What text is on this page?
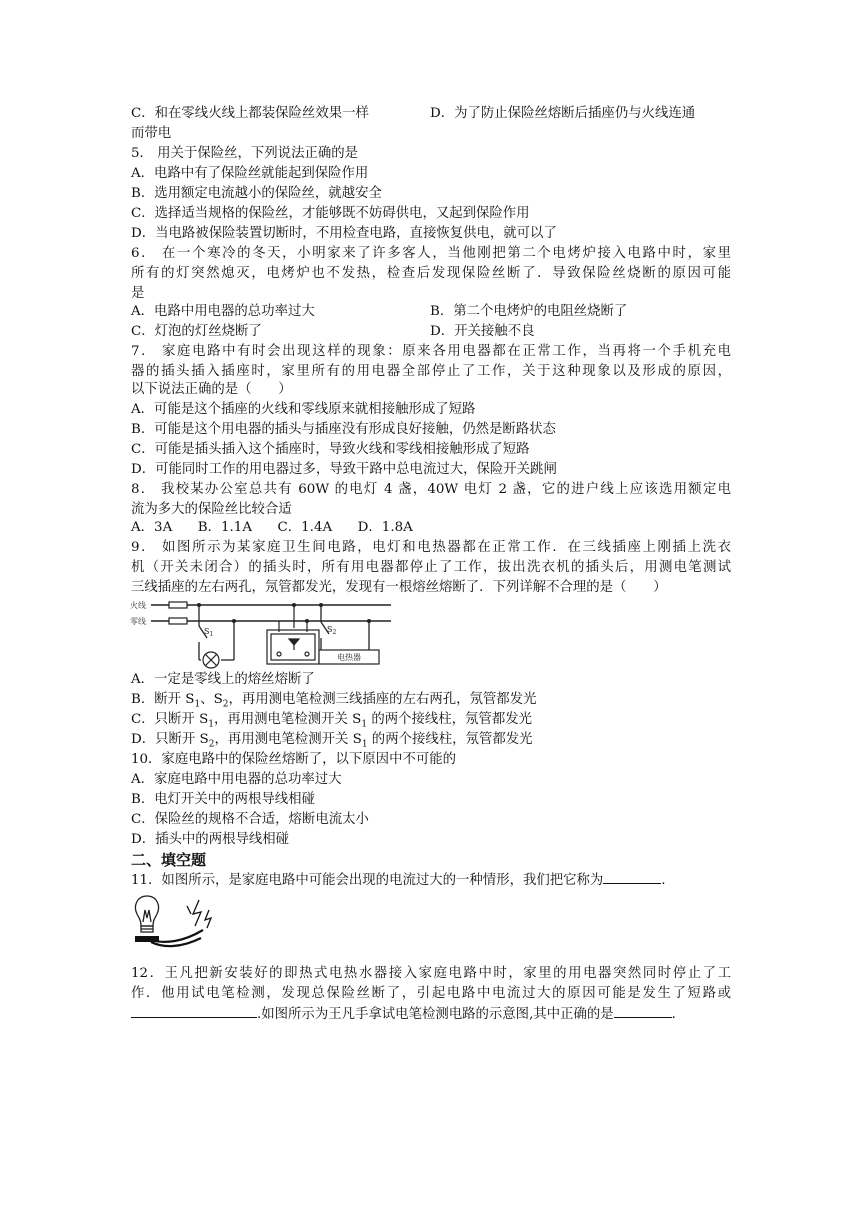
C．和在零线火线上都装保险丝效果一样	D．为了防止保险丝熔断后插座仍与火线连通
而带电
5． 用关于保险丝，下列说法正确的是
A．电路中有了保险丝就能起到保险作用
B．选用额定电流越小的保险丝，就越安全
C．选择适当规格的保险丝，才能够既不妨碍供电，又起到保险作用
D．当电路被保险装置切断时，不用检查电路，直接恢复供电，就可以了
6． 在一个寒冷的冬天，小明家来了许多客人，当他刚把第二个电烤炉接入电路中时，家里
所有的灯突然熄灭，电烤炉也不发热，检查后发现保险丝断了．导致保险丝烧断的原因可能
是
A．电路中用电器的总功率过大	B．第二个电烤炉的电阻丝烧断了
C．灯泡的灯丝烧断了	D．开关接触不良
7． 家庭电路中有时会出现这样的现象：原来各用电器都在正常工作，当再将一个手机充电
器的插头插入插座时，家里所有的用电器全部停止了工作，关于这种现象以及形成的原因，
以下说法正确的是（　　）
A．可能是这个插座的火线和零线原来就相接触形成了短路
B．可能是这个用电器的插头与插座没有形成良好接触，仍然是断路状态
C．可能是插头插入这个插座时，导致火线和零线相接触形成了短路
D．可能同时工作的用电器过多，导致干路中总电流过大，保险开关跳闸
8． 我校某办公室总共有 60W 的电灯 4 盏，40W 电灯 2 盏，它的进户线上应该选用额定电
流为多大的保险丝比较合适
A．3A      B．1.1A      C．1.4A      D．1.8A
9． 如图所示为某家庭卫生间电路，电灯和电热器都在正常工作．在三线插座上刚插上洗衣
机（开关未闭合）的插头时，所有用电器都停止了工作，拔出洗衣机的插头后，用测电笔测试
三线插座的左右两孔，氖管都发光，发现有一根熔丝熔断了．下列详解不合理的是（　　）
火线
零线
$S_1$
$S_2$
电热器
A．一定是零线上的熔丝熔断了
B．断开 $S_1$、$S_2$，再用测电笔检测三线插座的左右两孔，氖管都发光
C．只断开 $S_1$，再用测电笔检测开关 $S_1$ 的两个接线柱，氖管都发光
D．只断开 $S_2$，再用测电笔检测开关 $S_1$ 的两个接线柱，氖管都发光
10．家庭电路中的保险丝熔断了，以下原因中不可能的
A．家庭电路中用电器的总功率过大
B．电灯开关中的两根导线相碰
C．保险丝的规格不合适，熔断电流太小
D．插头中的两根导线相碰
二、填空题
11．如图所示，是家庭电路中可能会出现的电流过大的一种情形，我们把它称为	．
12．王凡把新安装好的即热式电热水器接入家庭电路中时，家里的用电器突然同时停止了工
作．他用试电笔检测，发现总保险丝断了，引起电路中电流过大的原因可能是发生了短路或
.如图所示为王凡手拿试电笔检测电路的示意图,其中正确的是	．
